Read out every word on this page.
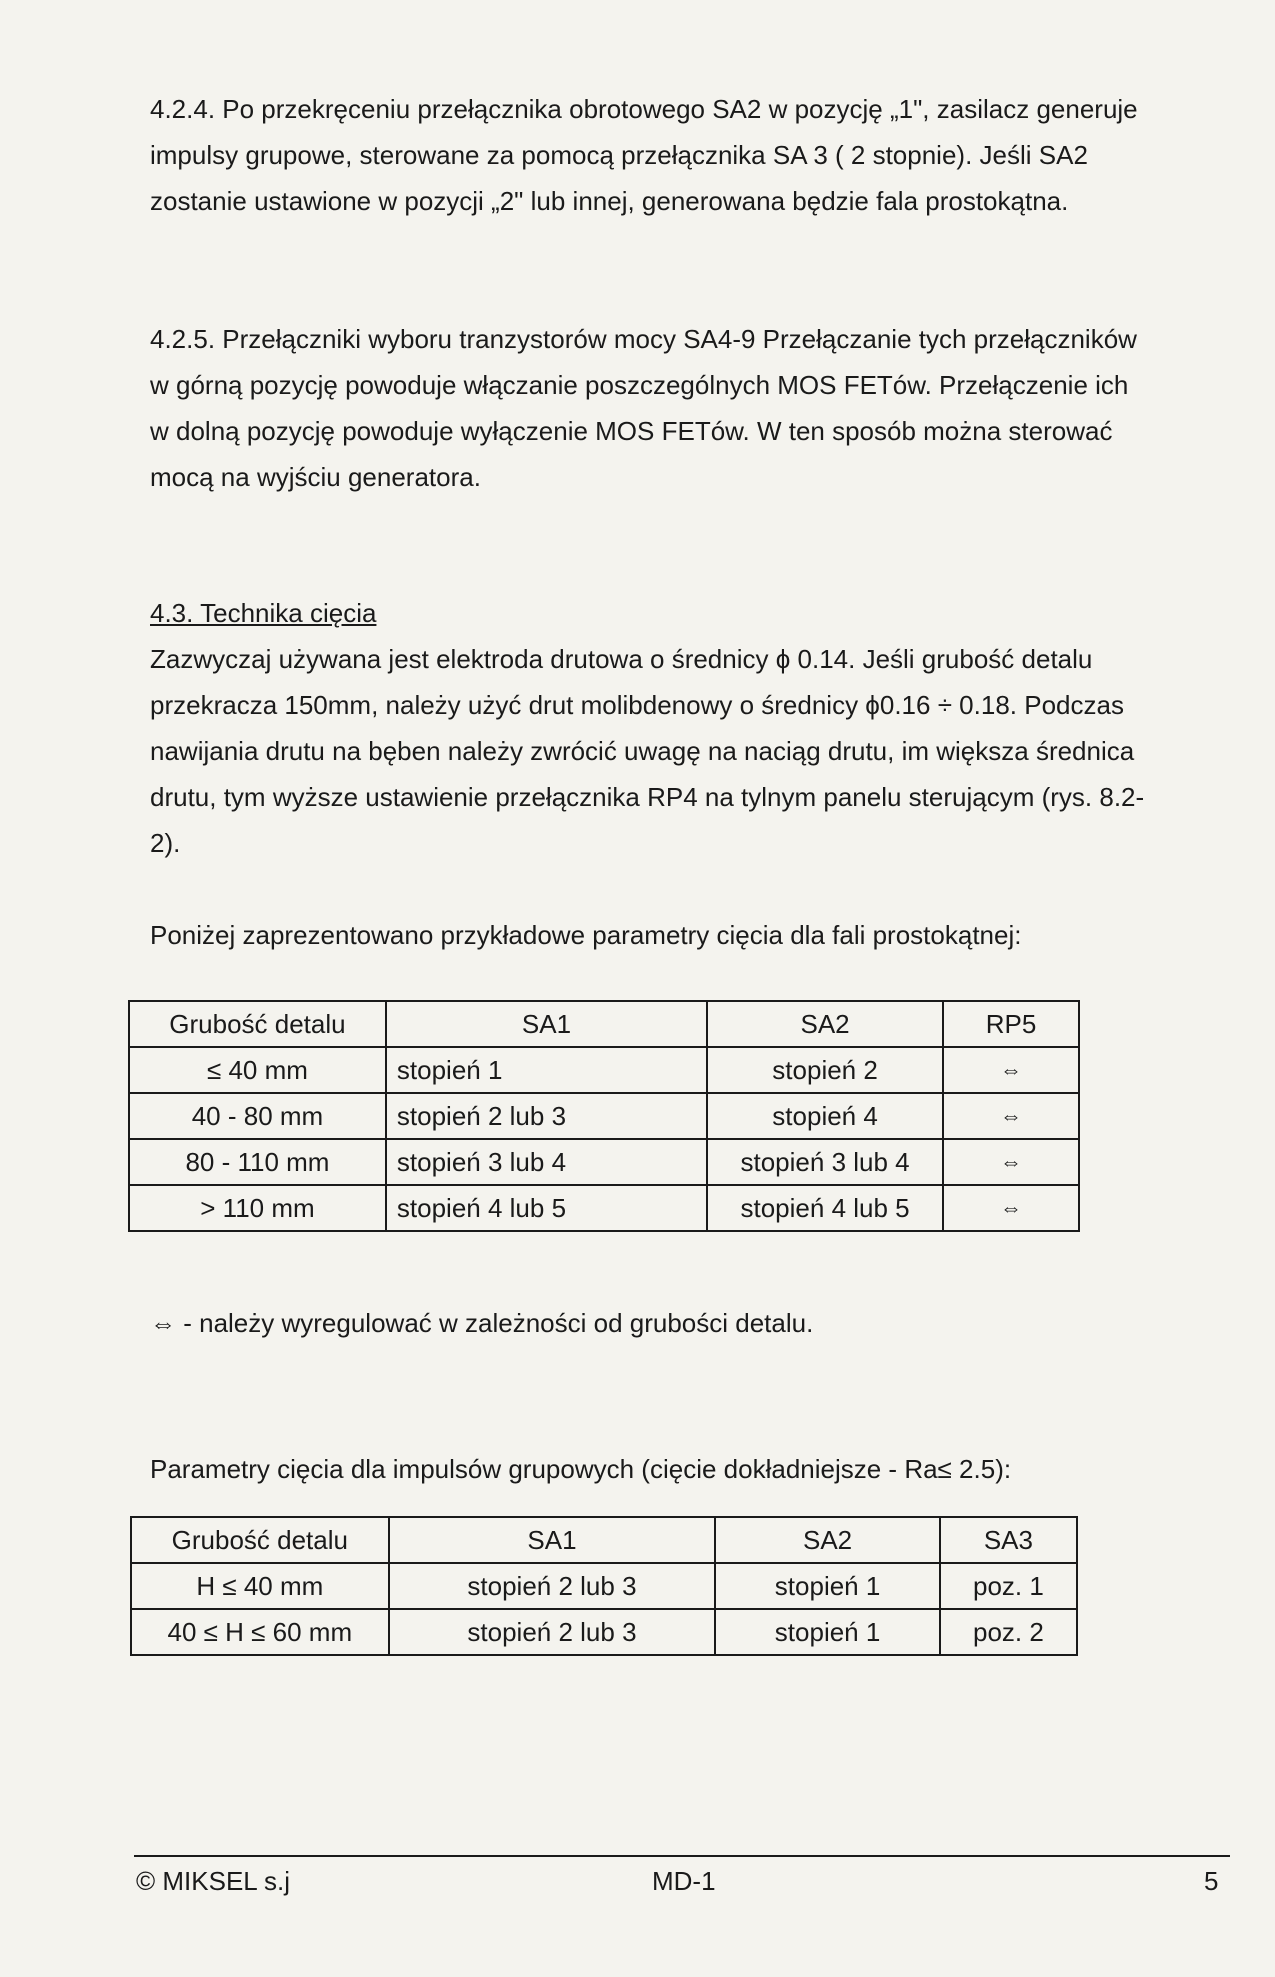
4.2.4. Po przekręceniu przełącznika obrotowego SA2 w pozycję „1", zasilacz generuje impulsy grupowe, sterowane za pomocą przełącznika SA 3 ( 2 stopnie). Jeśli SA2 zostanie ustawione w pozycji „2" lub innej, generowana będzie fala prostokątna.

4.2.5. Przełączniki wyboru tranzystorów mocy SA4-9 Przełączanie tych przełączników w górną pozycję powoduje włączanie poszczególnych MOS FETów. Przełączenie ich w dolną pozycję powoduje wyłączenie MOS FETów. W ten sposób można sterować mocą na wyjściu generatora.

4.3. Technika cięcia

Zazwyczaj używana jest elektroda drutowa o średnicy ϕ 0.14. Jeśli grubość detalu przekracza 150mm, należy użyć drut molibdenowy o średnicy ϕ0.16 ÷ 0.18. Podczas nawijania drutu na bęben należy zwrócić uwagę na naciąg drutu, im większa średnica drutu, tym wyższe ustawienie przełącznika RP4 na tylnym panelu sterującym (rys. 8.2-2).

Poniżej zaprezentowano przykładowe parametry cięcia dla fali prostokątnej:

Grubość detalu	SA1	SA2	RP5
≤ 40 mm	stopień 1	stopień 2	⇔
40 - 80 mm	stopień 2 lub 3	stopień 4	⇔
80 - 110 mm	stopień 3 lub 4	stopień 3 lub 4	⇔
> 110 mm	stopień 4 lub 5	stopień 4 lub 5	⇔

⇔ - należy wyregulować w zależności od grubości detalu.

Parametry cięcia dla impulsów grupowych (cięcie dokładniejsze - Ra≤ 2.5):

Grubość detalu	SA1	SA2	SA3
H ≤ 40 mm	stopień 2 lub 3	stopień 1	poz. 1
40 ≤ H ≤ 60 mm	stopień 2 lub 3	stopień 1	poz. 2
© MIKSEL s.j	MD-1	5
